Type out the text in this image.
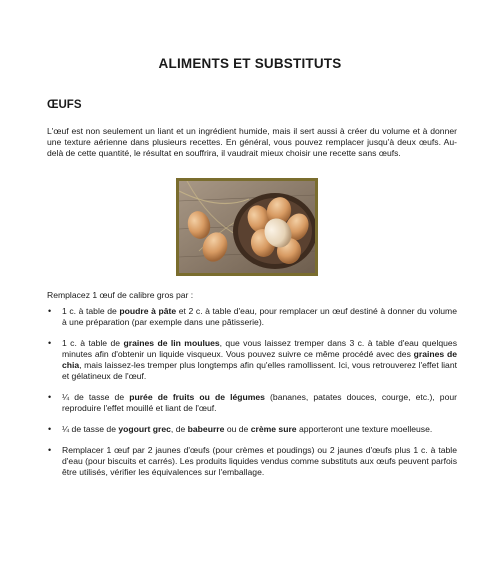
ALIMENTS ET SUBSTITUTS
ŒUFS

L'œuf est non seulement un liant et un ingrédient humide, mais il sert aussi à créer du volume et à donner une texture aérienne dans plusieurs recettes. En général, vous pouvez remplacer jusqu'à deux œufs. Au-delà de cette quantité, le résultat en souffrira, il vaudrait mieux choisir une recette sans œufs.

Remplacez 1 œuf de calibre gros par :

• 1 c. à table de poudre à pâte et 2 c. à table d'eau, pour remplacer un œuf destiné à donner du volume à une préparation (par exemple dans une pâtisserie).
• 1 c. à table de graines de lin moulues, que vous laissez tremper dans 3 c. à table d'eau quelques minutes afin d'obtenir un liquide visqueux. Vous pouvez suivre ce même procédé avec des graines de chia, mais laissez-les tremper plus longtemps afin qu'elles ramollissent. Ici, vous retrouverez l'effet liant et gélatineux de l'œuf.
• ¼ de tasse de purée de fruits ou de légumes (bananes, patates douces, courge, etc.), pour reproduire l'effet mouillé et liant de l'œuf.
• ¼ de tasse de yogourt grec, de babeurre ou de crème sure apporteront une texture moelleuse.
• Remplacer 1 œuf par 2 jaunes d'œufs (pour crèmes et poudings) ou 2 jaunes d'œufs plus 1 c. à table d'eau (pour biscuits et carrés). Les produits liquides vendus comme substituts aux œufs peuvent parfois être utilisés, vérifier les équivalences sur l'emballage.
